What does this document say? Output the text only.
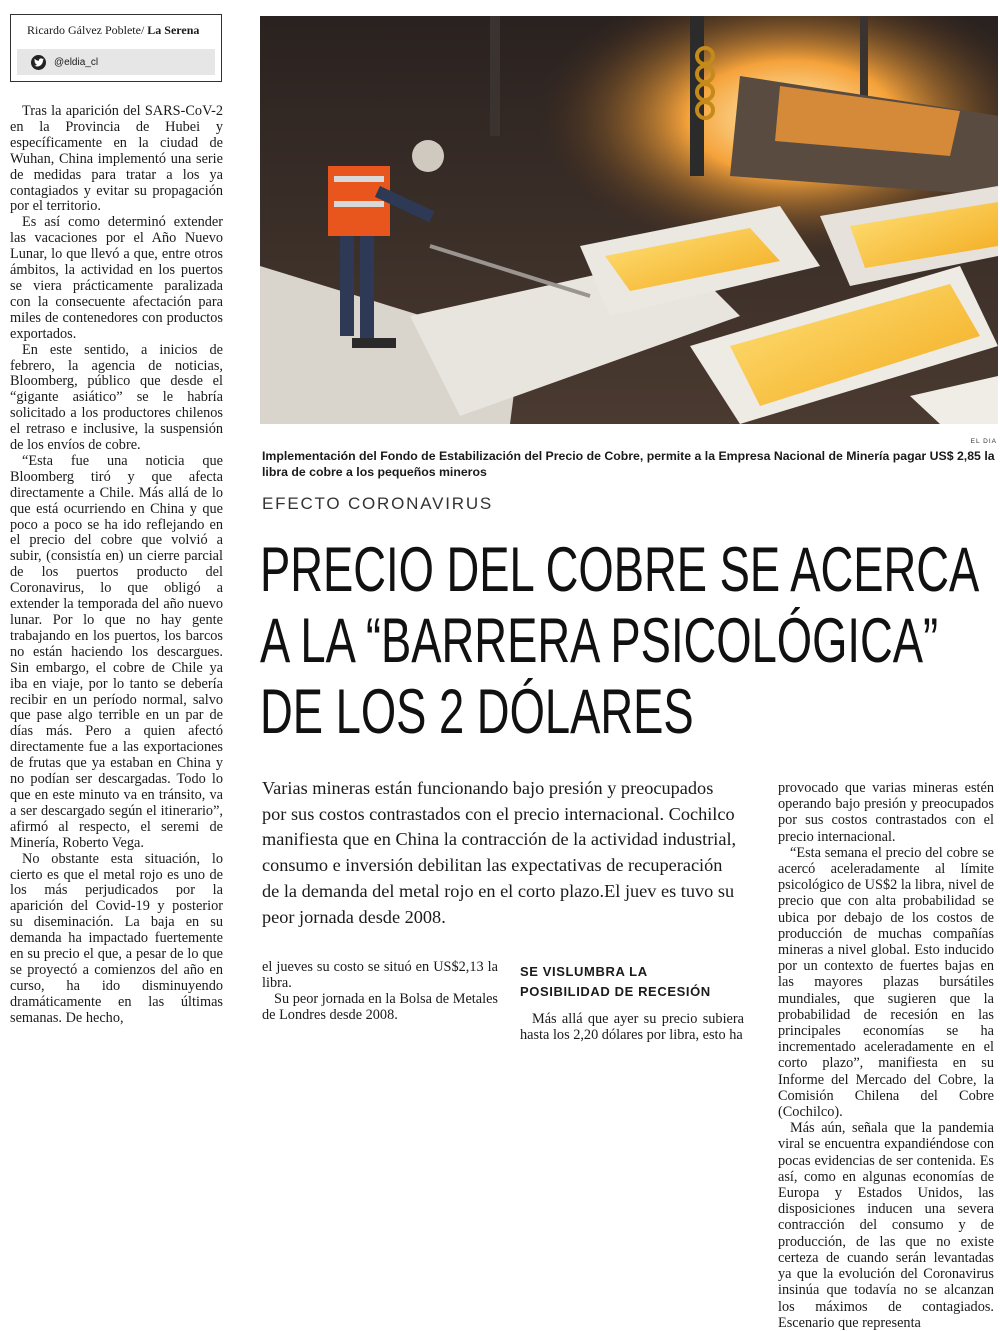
Ricardo Gálvez Poblete/ La Serena
@eldia_cl

Tras la aparición del SARS-CoV-2 en la Provincia de Hubei y específicamente en la ciudad de Wuhan, China implementó una serie de medidas para tratar a los ya contagiados y evitar su propagación por el territorio.

Es así como determinó extender las vacaciones por el Año Nuevo Lunar, lo que llevó a que, entre otros ámbitos, la actividad en los puertos se viera prácticamente paralizada con la consecuente afectación para miles de contenedores con productos exportados.

En este sentido, a inicios de febrero, la agencia de noticias, Bloomberg, público que desde el “gigante asiático” se le habría solicitado a los productores chilenos el retraso e inclusive, la suspensión de los envíos de cobre.

“Esta fue una noticia que Bloomberg tiró y que afecta directamente a Chile. Más allá de lo que está ocurriendo en China y que poco a poco se ha ido reflejando en el precio del cobre que volvió a subir, (consistía en) un cierre parcial de los puertos producto del Coronavirus, lo que obligó a extender la temporada del año nuevo lunar. Por lo que no hay gente trabajando en los puertos, los barcos no están haciendo los descargues. Sin embargo, el cobre de Chile ya iba en viaje, por lo tanto se debería recibir en un período normal, salvo que pase algo terrible en un par de días más. Pero a quien afectó directamente fue a las exportaciones de frutas que ya estaban en China y no podían ser descargadas. Todo lo que en este minuto va en tránsito, va a ser descargado según el itinerario”, afirmó al respecto, el seremi de Minería, Roberto Vega.

No obstante esta situación, lo cierto es que el metal rojo es uno de los más perjudicados por la aparición del Covid-19 y posterior su diseminación. La baja en su demanda ha impactado fuertemente en su precio el que, a pesar de lo que se proyectó a comienzos del año en curso, ha ido disminuyendo dramáticamente en las últimas semanas. De hecho,

EL DIA
Implementación del Fondo de Estabilización del Precio de Cobre, permite a la Empresa Nacional de Minería pagar US$ 2,85 la libra de cobre a los pequeños mineros
EFECTO CORONAVIRUS
PRECIO DEL COBRE SE ACERCA
A LA “BARRERA PSICOLÓGICA”
DE LOS 2 DÓLARES
Varias mineras están funcionando bajo presión y preocupados por sus costos contrastados con el precio internacional. Cochilco manifiesta que en China la contracción de la actividad industrial, consumo e inversión debilitan las expectativas de recuperación de la demanda del metal rojo en el corto plazo.El juev es tuvo su peor jornada desde 2008.

el jueves su costo se situó en US$2,13 la libra.

Su peor jornada en la Bolsa de Metales de Londres desde 2008.

SE VISLUMBRA LA POSIBILIDAD DE RECESIÓN

Más allá que ayer su precio subiera hasta los 2,20 dólares por libra, esto ha

provocado que varias mineras estén operando bajo presión y preocupados por sus costos contrastados con el precio internacional.

“Esta semana el precio del cobre se acercó aceleradamente al límite psicológico de US$2 la libra, nivel de precio que con alta probabilidad se ubica por debajo de los costos de producción de muchas compañías mineras a nivel global. Esto inducido por un contexto de fuertes bajas en las mayores plazas bursátiles mundiales, que sugieren que la probabilidad de recesión en las principales economías se ha incrementado aceleradamente en el corto plazo”, manifiesta en su Informe del Mercado del Cobre, la Comisión Chilena del Cobre (Cochilco).

Más aún, señala que la pandemia viral se encuentra expandiéndose con pocas evidencias de ser contenida. Es así, como en algunas economías de Europa y Estados Unidos, las disposiciones inducen una severa contracción del consumo y de producción, de las que no existe certeza de cuando serán levantadas ya que la evolución del Coronavirus insinúa que todavía no se alcanzan los máximos de contagiados. Escenario que representa
